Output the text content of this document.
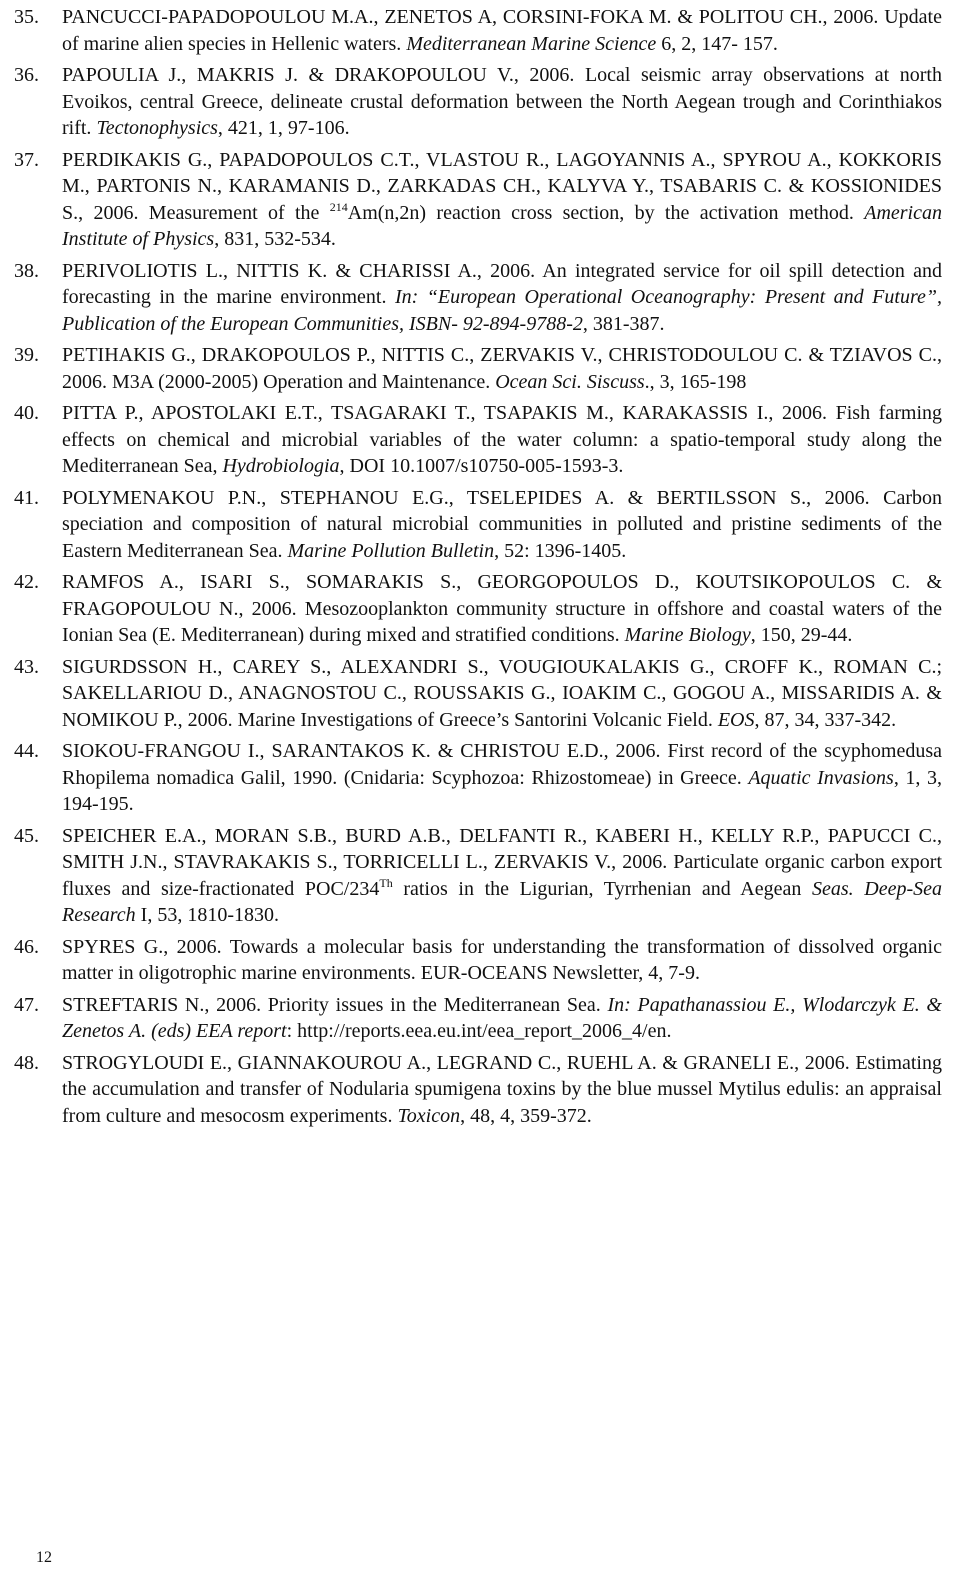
35. PANCUCCI-PAPADOPOULOU M.A., ZENETOS A, CORSINI-FOKA M. & POLITOU CH., 2006. Update of marine alien species in Hellenic waters. Mediterranean Marine Science 6, 2, 147- 157.
36. PAPOULIA J., MAKRIS J. & DRAKOPOULOU V., 2006. Local seismic array observations at north Evoikos, central Greece, delineate crustal deformation between the North Aegean trough and Corinthiakos rift. Tectonophysics, 421, 1, 97-106.
37. PERDIKAKIS G., PAPADOPOULOS C.T., VLASTOU R., LAGOYANNIS A., SPYROU A., KOKKORIS M., PARTONIS N., KARAMANIS D., ZARKADAS CH., KALYVA Y., TSABARIS C. & KOSSIONIDES S., 2006. Measurement of the $^{214}$Am(n,2n) reaction cross section, by the activation method. American Institute of Physics, 831, 532-534.
38. PERIVOLIOTIS L., NITTIS K. & CHARISSI A., 2006. An integrated service for oil spill detection and forecasting in the marine environment. In: “European Operational Oceanography: Present and Future”, Publication of the European Communities, ISBN- 92-894-9788-2, 381-387.
39. PETIHAKIS G., DRAKOPOULOS P., NITTIS C., ZERVAKIS V., CHRISTODOULOU C. & TZIAVOS C., 2006. M3A (2000-2005) Operation and Maintenance. Ocean Sci. Siscuss., 3, 165-198
40. PITTA P., APOSTOLAKI E.T., TSAGARAKI T., TSAPAKIS M., KARAKASSIS I., 2006. Fish farming effects on chemical and microbial variables of the water column: a spatio-temporal study along the Mediterranean Sea, Hydrobiologia, DOI 10.1007/s10750-005-1593-3.
41. POLYMENAKOU P.N., STEPHANOU E.G., TSELEPIDES A. & BERTILSSON S., 2006. Carbon speciation and composition of natural microbial communities in polluted and pristine sediments of the Eastern Mediterranean Sea. Marine Pollution Bulletin, 52: 1396-1405.
42. RAMFOS A., ISARI S., SOMARAKIS S., GEORGOPOULOS D., KOUTSIKOPOULOS C. & FRAGOPOULOU N., 2006. Mesozooplankton community structure in offshore and coastal waters of the Ionian Sea (E. Mediterranean) during mixed and stratified conditions. Marine Biology, 150, 29-44.
43. SIGURDSSON H., CAREY S., ALEXANDRI S., VOUGIOUKALAKIS G., CROFF K., ROMAN C.; SAKELLARIOU D., ANAGNOSTOU C., ROUSSAKIS G., IOAKIM C., GOGOU A., MISSARIDIS A. & NOMIKOU P., 2006. Marine Investigations of Greece’s Santorini Volcanic Field. EOS, 87, 34, 337-342.
44. SIOKOU-FRANGOU I., SARANTAKOS K. & CHRISTOU E.D., 2006. First record of the scyphomedusa Rhopilema nomadica Galil, 1990. (Cnidaria: Scyphozoa: Rhizostomeae) in Greece. Aquatic Invasions, 1, 3, 194-195.
45. SPEICHER E.A., MORAN S.B., BURD A.B., DELFANTI R., KABERI H., KELLY R.P., PAPUCCI C., SMITH J.N., STAVRAKAKIS S., TORRICELLI L., ZERVAKIS V., 2006. Particulate organic carbon export fluxes and size-fractionated POC/234Th ratios in the Ligurian, Tyrrhenian and Aegean Seas. Deep-Sea Research I, 53, 1810-1830.
46. SPYRES G., 2006. Towards a molecular basis for understanding the transformation of dissolved organic matter in oligotrophic marine environments. EUR-OCEANS Newsletter, 4, 7-9.
47. STREFTARIS N., 2006. Priority issues in the Mediterranean Sea. In: Papathanassiou E., Wlodarczyk E. & Zenetos A. (eds) EEA report: http://reports.eea.eu.int/eea_report_2006_4/en.
48. STROGYLOUDI E., GIANNAKOUROU A., LEGRAND C., RUEHL A. & GRANELI E., 2006. Estimating the accumulation and transfer of Nodularia spumigena toxins by the blue mussel Mytilus edulis: an appraisal from culture and mesocosm experiments. Toxicon, 48, 4, 359-372.
12
